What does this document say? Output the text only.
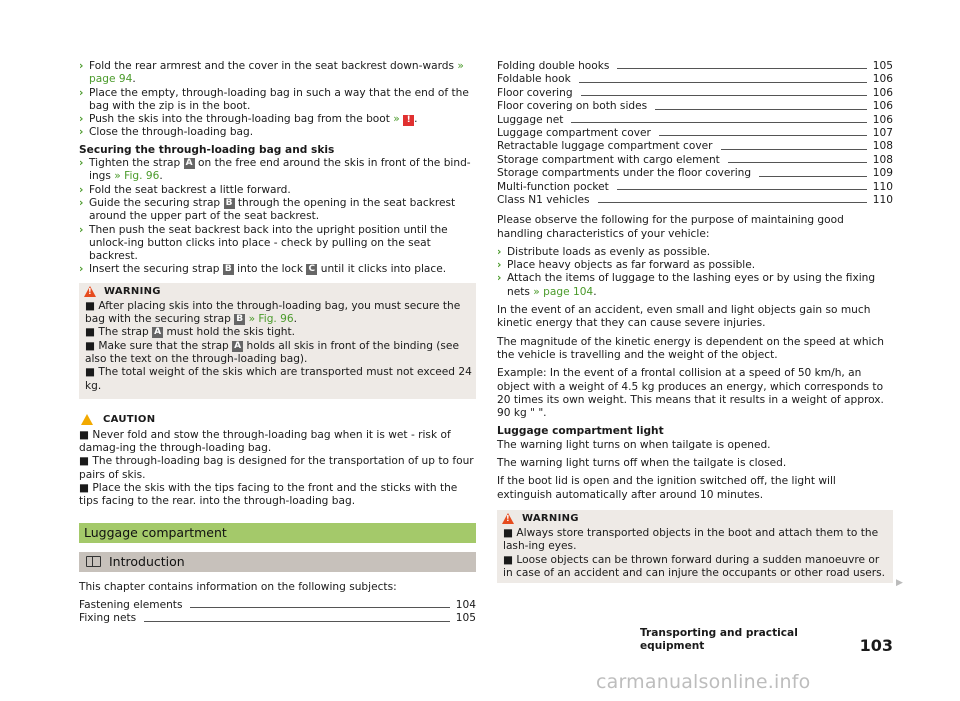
› Fold the rear armrest and the cover in the seat backrest down-wards » page 94.
› Place the empty, through-loading bag in such a way that the end of the bag with the zip is in the boot.
› Push the skis into the through-loading bag from the boot » ! .
› Close the through-loading bag.

Securing the through-loading bag and skis

› Tighten the strap A on the free end around the skis in front of the bind-ings » Fig. 96.
› Fold the seat backrest a little forward.
› Guide the securing strap B through the opening in the seat backrest around the upper part of the seat backrest.
› Then push the seat backrest back into the upright position until the unlock-ing button clicks into place - check by pulling on the seat backrest.
› Insert the securing strap B into the lock C until it clicks into place.
!
WARNING
■ After placing skis into the through-loading bag, you must secure the bag with the securing strap B » Fig. 96.
■ The strap A must hold the skis tight.
■ Make sure that the strap A holds all skis in front of the binding (see also the text on the through-loading bag).
■ The total weight of the skis which are transported must not exceed 24 kg.
CAUTION
■ Never fold and stow the through-loading bag when it is wet - risk of damag-ing the through-loading bag.
■ The through-loading bag is designed for the transportation of up to four pairs of skis.
■ Place the skis with the tips facing to the front and the sticks with the tips facing to the rear. into the through-loading bag.
Luggage compartment
Introduction

This chapter contains information on the following subjects:

Fastening elements	104
Fixing nets	105
Folding double hooks	105
Foldable hook	106
Floor covering	106
Floor covering on both sides	106
Luggage net	106
Luggage compartment cover	107
Retractable luggage compartment cover	108
Storage compartment with cargo element	108
Storage compartments under the floor covering	109
Multi-function pocket	110
Class N1 vehicles	110

Please observe the following for the purpose of maintaining good handling characteristics of your vehicle:

› Distribute loads as evenly as possible.
› Place heavy objects as far forward as possible.
› Attach the items of luggage to the lashing eyes or by using the fixing nets » page 104.

In the event of an accident, even small and light objects gain so much kinetic energy that they can cause severe injuries.

The magnitude of the kinetic energy is dependent on the speed at which the vehicle is travelling and the weight of the object.

Example: In the event of a frontal collision at a speed of 50 km/h, an object with a weight of 4.5 kg produces an energy, which corresponds to 20 times its own weight. This means that it results in a weight of approx. 90 kg " ".

Luggage compartment light

The warning light turns on when tailgate is opened.

The warning light turns off when the tailgate is closed.

If the boot lid is open and the ignition switched off, the light will extinguish automatically after around 10 minutes.

!
WARNING
■ Always store transported objects in the boot and attach them to the lash-ing eyes.
■ Loose objects can be thrown forward during a sudden manoeuvre or in case of an accident and can injure the occupants or other road users.
▶
Transporting and practical equipment	103
carmanualsonline.info
